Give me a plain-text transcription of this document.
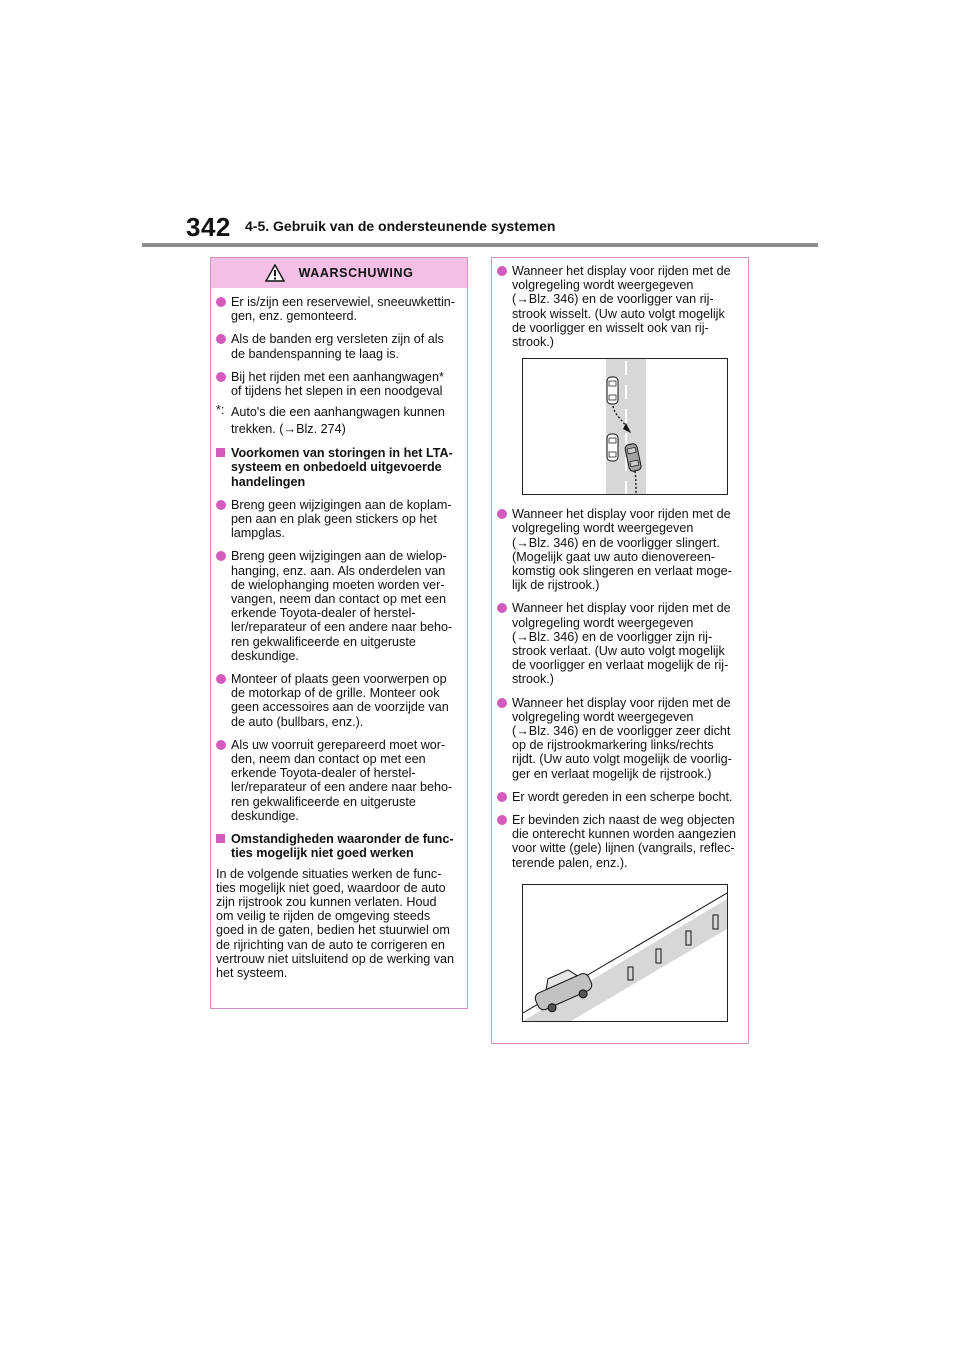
342 4-5. Gebruik van de ondersteunende systemen
WAARSCHUWING
Er is/zijn een reservewiel, sneeuwkettin-
gen, enz. gemonteerd.
Als de banden erg versleten zijn of als
de bandenspanning te laag is.
Bij het rijden met een aanhangwagen*
of tijdens het slepen in een noodgeval
*: Auto's die een aanhangwagen kunnen
trekken. (→Blz. 274)
Voorkomen van storingen in het LTA-
systeem en onbedoeld uitgevoerde
handelingen
Breng geen wijzigingen aan de koplam-
pen aan en plak geen stickers op het
lampglas.
Breng geen wijzigingen aan de wielop-
hanging, enz. aan. Als onderdelen van
de wielophanging moeten worden ver-
vangen, neem dan contact op met een
erkende Toyota-dealer of herstel-
ler/reparateur of een andere naar beho-
ren gekwalificeerde en uitgeruste
deskundige.
Monteer of plaats geen voorwerpen op
de motorkap of de grille. Monteer ook
geen accessoires aan de voorzijde van
de auto (bullbars, enz.).
Als uw voorruit gerepareerd moet wor-
den, neem dan contact op met een
erkende Toyota-dealer of herstel-
ler/reparateur of een andere naar beho-
ren gekwalificeerde en uitgeruste
deskundige.
Omstandigheden waaronder de func-
ties mogelijk niet goed werken
In de volgende situaties werken de func-
ties mogelijk niet goed, waardoor de auto
zijn rijstrook zou kunnen verlaten. Houd
om veilig te rijden de omgeving steeds
goed in de gaten, bedien het stuurwiel om
de rijrichting van de auto te corrigeren en
vertrouw niet uitsluitend op de werking van
het systeem.
Wanneer het display voor rijden met de
volgregeling wordt weergegeven
(→Blz. 346) en de voorligger van rij-
strook wisselt. (Uw auto volgt mogelijk
de voorligger en wisselt ook van rij-
strook.)
Wanneer het display voor rijden met de
volgregeling wordt weergegeven
(→Blz. 346) en de voorligger slingert.
(Mogelijk gaat uw auto dienovereen-
komstig ook slingeren en verlaat moge-
lijk de rijstrook.)
Wanneer het display voor rijden met de
volgregeling wordt weergegeven
(→Blz. 346) en de voorligger zijn rij-
strook verlaat. (Uw auto volgt mogelijk
de voorligger en verlaat mogelijk de rij-
strook.)
Wanneer het display voor rijden met de
volgregeling wordt weergegeven
(→Blz. 346) en de voorligger zeer dicht
op de rijstrookmarkering links/rechts
rijdt. (Uw auto volgt mogelijk de voorlig-
ger en verlaat mogelijk de rijstrook.)
Er wordt gereden in een scherpe bocht.
Er bevinden zich naast de weg objecten
die onterecht kunnen worden aangezien
voor witte (gele) lijnen (vangrails, reflec-
terende palen, enz.).
